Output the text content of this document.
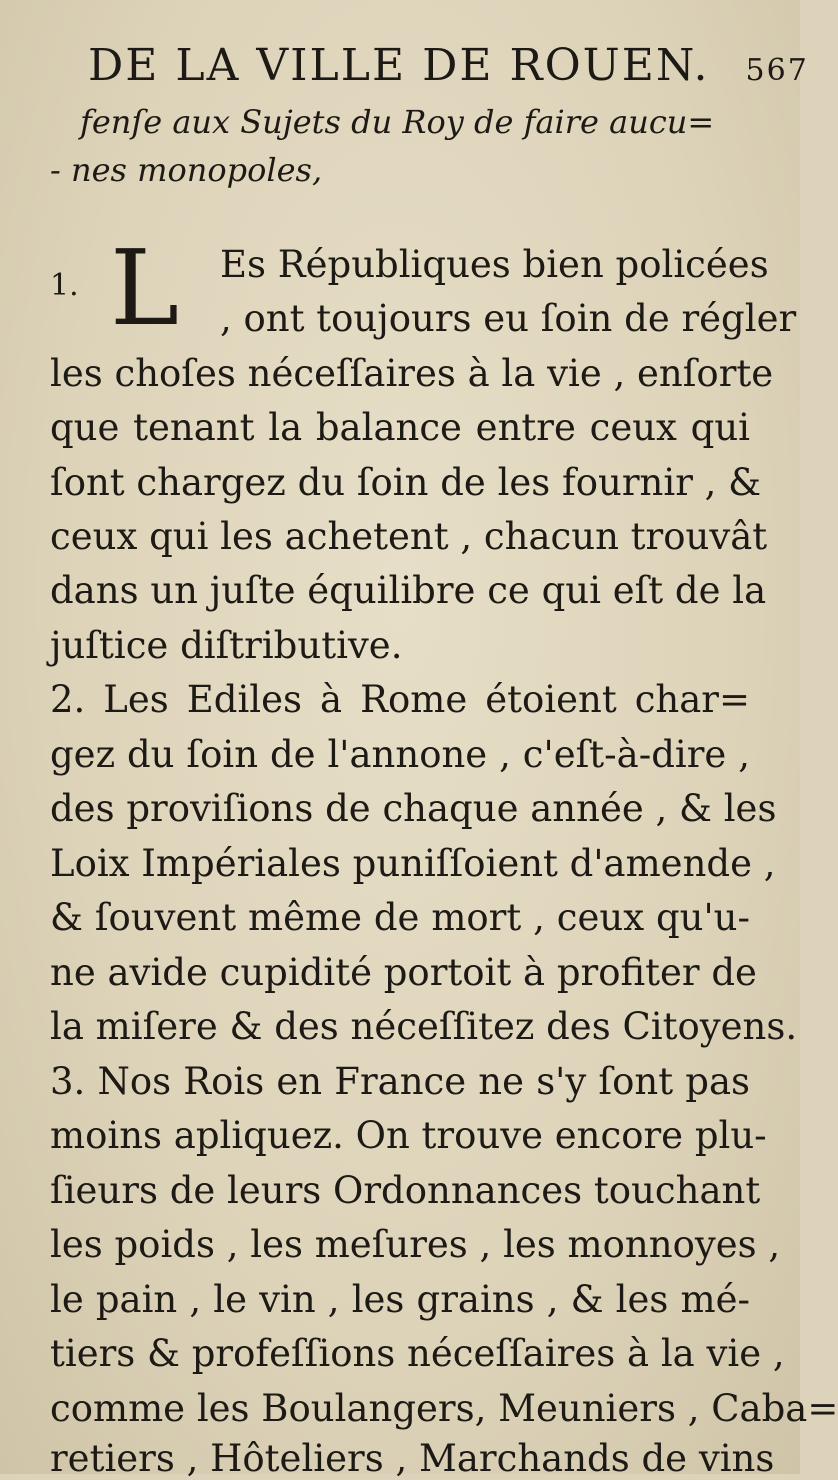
DE LA VILLE DE ROUEN. 567
fenſe aux Sujets du Roy de faire aucu=
- nes monopoles,
1. L Es Républiques bien policées
, ont toujours eu ſoin de régler
les choſes néceſſaires à la vie , enſorte
que tenant la balance entre ceux qui
ſont chargez du ſoin de les fournir , &
ceux qui les achetent , chacun trouvât
dans un juſte équilibre ce qui eſt de la
juſtice diſtributive.
2. Les Ediles à Rome étoient char=
gez du ſoin de l'annone , c'eſt-à-dire ,
des proviſions de chaque année , & les
Loix Impériales puniſſoient d'amende ,
& ſouvent même de mort , ceux qu'u-
ne avide cupidité portoit à profiter de
la miſere & des néceſſitez des Citoyens.
3. Nos Rois en France ne s'y ſont pas
moins apliquez. On trouve encore plu-
ſieurs de leurs Ordonnances touchant
les poids , les meſures , les monnoyes ,
le pain , le vin , les grains , & les mé-
tiers & profeſſions néceſſaires à la vie ,
comme les Boulangers, Meuniers , Caba=
retiers , Hôteliers , Marchands de vins
